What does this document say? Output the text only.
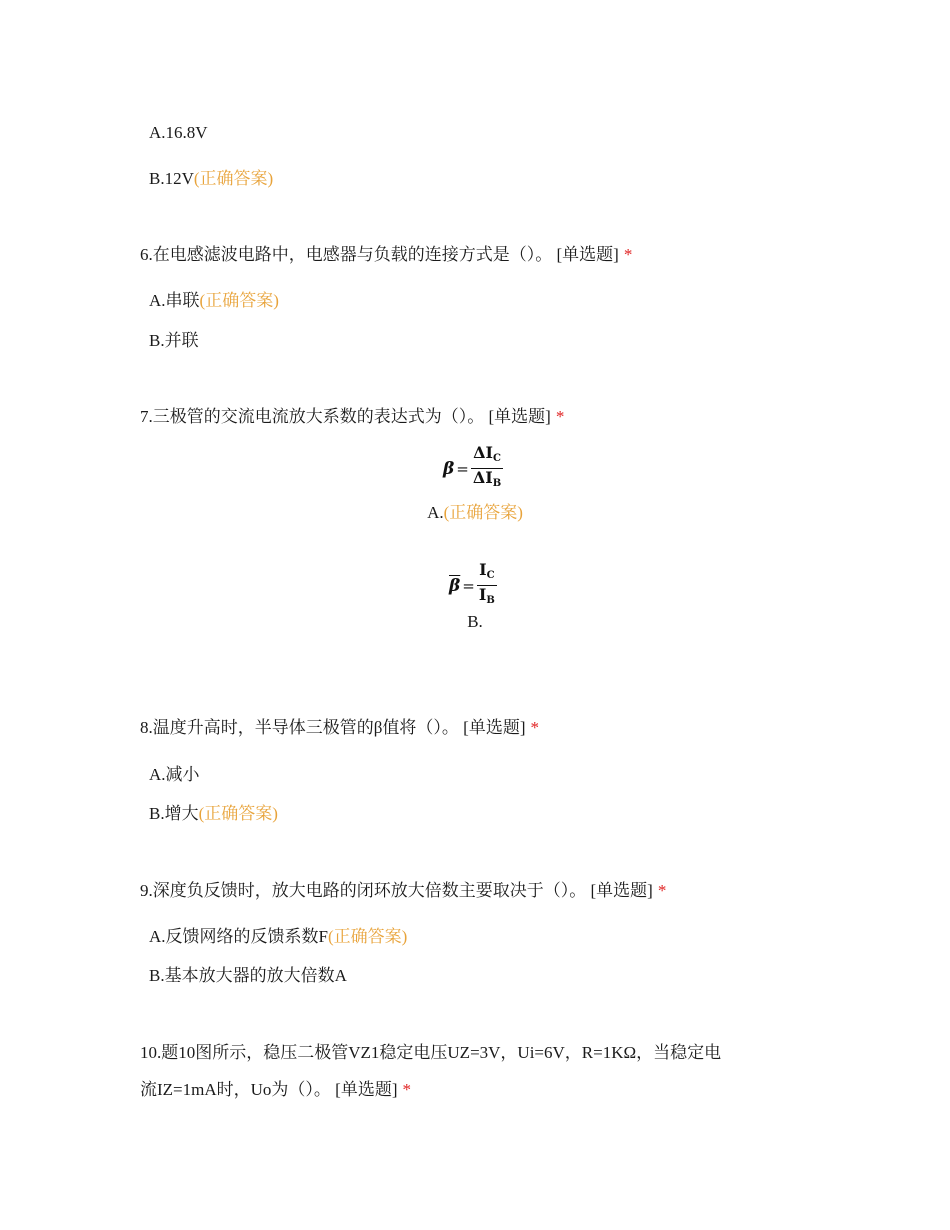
A.16.8V
B.12V(正确答案)
6.在电感滤波电路中，电感器与负载的连接方式是（）。 [单选题] *
A.串联(正确答案)
B.并联
7.三极管的交流电流放大系数的表达式为（）。 [单选题] *
$\beta = \frac{\Delta I_C}{\Delta I_B}$
A.(正确答案)
$\overline{\beta} = \frac{I_C}{I_B}$
B.
8.温度升高时，半导体三极管的β值将（）。 [单选题] *
A.减小
B.增大(正确答案)
9.深度负反馈时，放大电路的闭环放大倍数主要取决于（）。 [单选题] *
A.反馈网络的反馈系数F(正确答案)
B.基本放大器的放大倍数A
10.题10图所示，稳压二极管VZ1稳定电压UZ=3V，Ui=6V，R=1KΩ，当稳定电
流IZ=1mA时，Uo为（）。 [单选题] *
